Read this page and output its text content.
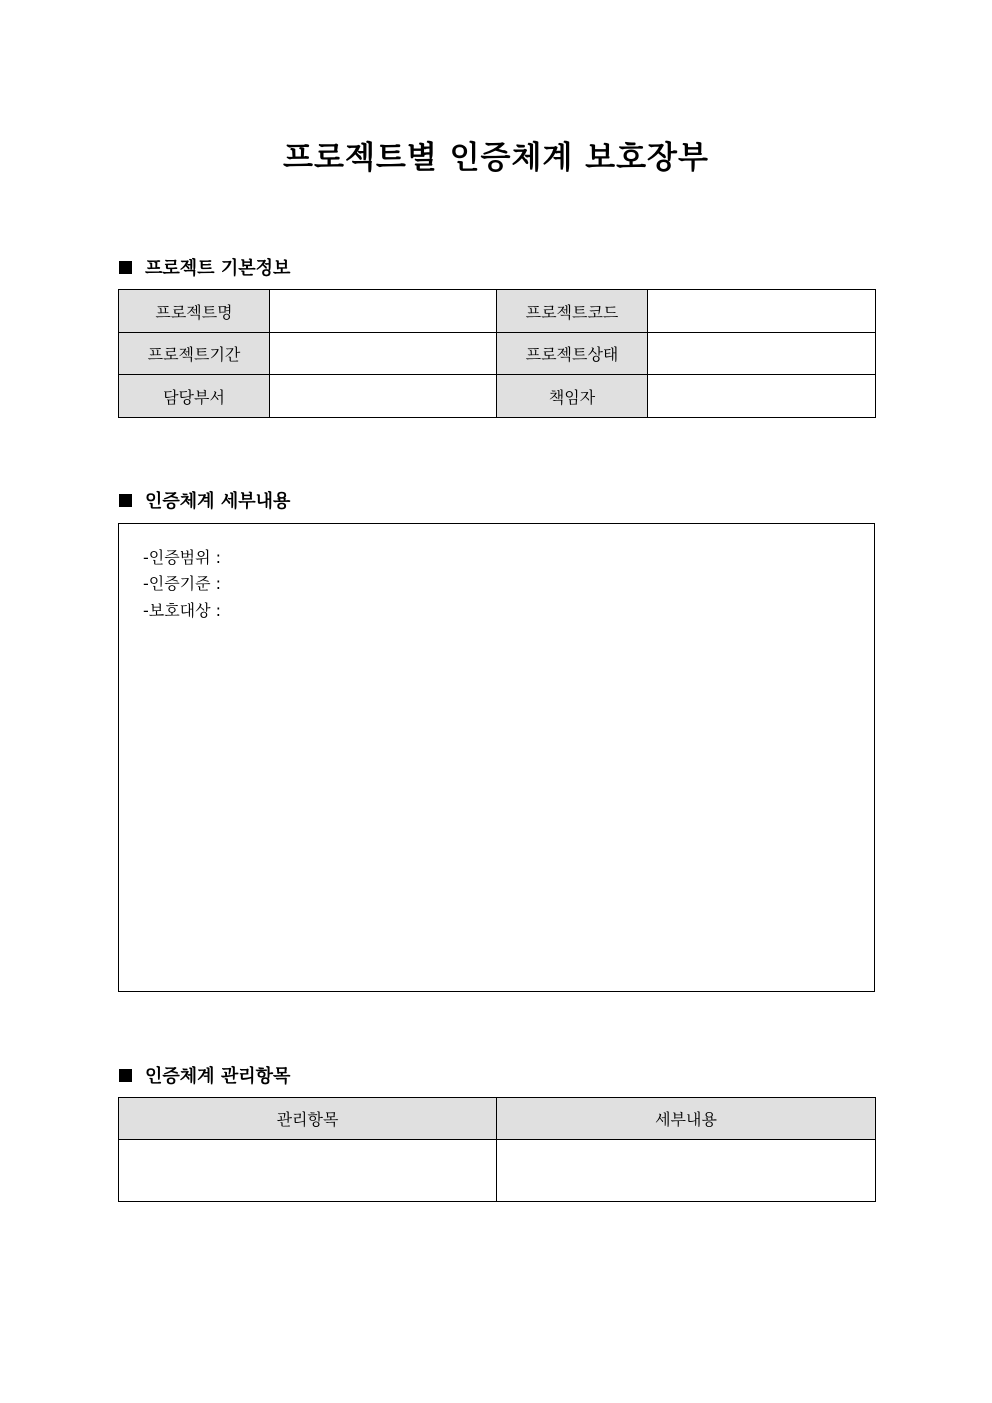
프로젝트별 인증체계 보호장부
프로젝트 기본정보
프로젝트명		프로젝트코드	
프로젝트기간		프로젝트상태	
담당부서		책임자	
인증체계 세부내용
-인증범위 :
-인증기준 :
-보호대상 :
인증체계 관리항목
관리항목	세부내용
